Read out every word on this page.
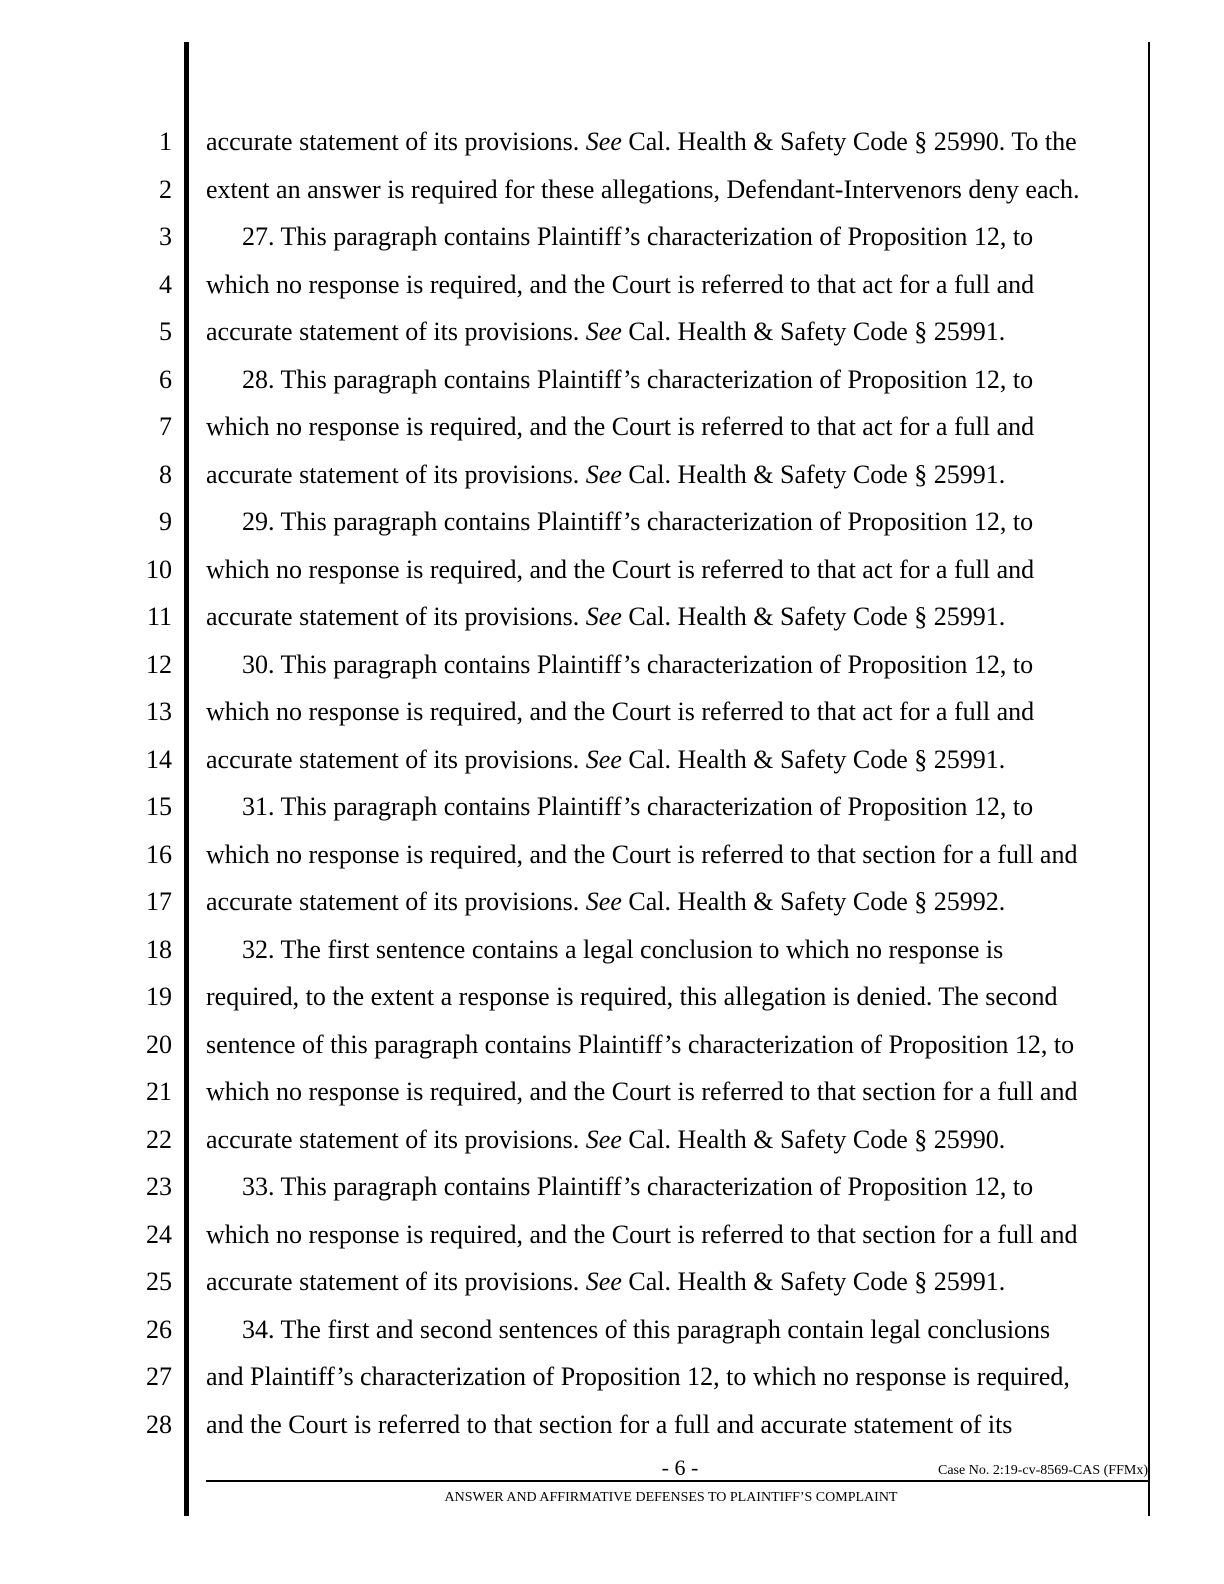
1
2
3
4
5
6
7
8
9
10
11
12
13
14
15
16
17
18
19
20
21
22
23
24
25
26
27
28
accurate statement of its provisions. See Cal. Health & Safety Code § 25990. To the
extent an answer is required for these allegations, Defendant-Intervenors deny each.
27. This paragraph contains Plaintiff’s characterization of Proposition 12, to
which no response is required, and the Court is referred to that act for a full and
accurate statement of its provisions. See Cal. Health & Safety Code § 25991.
28. This paragraph contains Plaintiff’s characterization of Proposition 12, to
which no response is required, and the Court is referred to that act for a full and
accurate statement of its provisions. See Cal. Health & Safety Code § 25991.
29. This paragraph contains Plaintiff’s characterization of Proposition 12, to
which no response is required, and the Court is referred to that act for a full and
accurate statement of its provisions. See Cal. Health & Safety Code § 25991.
30. This paragraph contains Plaintiff’s characterization of Proposition 12, to
which no response is required, and the Court is referred to that act for a full and
accurate statement of its provisions. See Cal. Health & Safety Code § 25991.
31. This paragraph contains Plaintiff’s characterization of Proposition 12, to
which no response is required, and the Court is referred to that section for a full and
accurate statement of its provisions. See Cal. Health & Safety Code § 25992.
32. The first sentence contains a legal conclusion to which no response is
required, to the extent a response is required, this allegation is denied. The second
sentence of this paragraph contains Plaintiff’s characterization of Proposition 12, to
which no response is required, and the Court is referred to that section for a full and
accurate statement of its provisions. See Cal. Health & Safety Code § 25990.
33. This paragraph contains Plaintiff’s characterization of Proposition 12, to
which no response is required, and the Court is referred to that section for a full and
accurate statement of its provisions. See Cal. Health & Safety Code § 25991.
34. The first and second sentences of this paragraph contain legal conclusions
and Plaintiff’s characterization of Proposition 12, to which no response is required,
and the Court is referred to that section for a full and accurate statement of its
- 6 -	Case No. 2:19-cv-8569-CAS (FFMx)
ANSWER AND AFFIRMATIVE DEFENSES TO PLAINTIFF’S COMPLAINT
